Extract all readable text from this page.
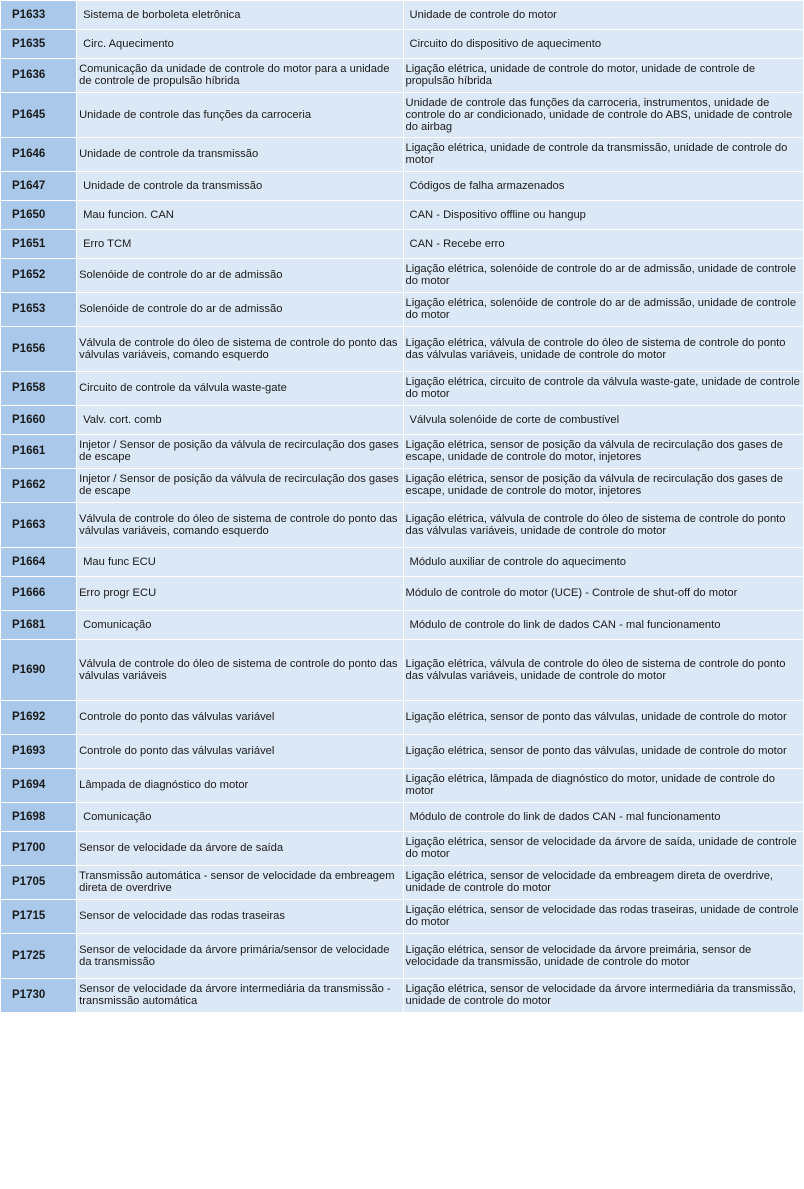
P1633	Sistema de borboleta eletrônica	Unidade de controle do motor
P1635	Circ. Aquecimento	Circuito do dispositivo de aquecimento
P1636	Comunicação da unidade de controle do motor para a unidade de controle de propulsão híbrida	Ligação elétrica, unidade de controle do motor, unidade de controle de propulsão híbrida
P1645	Unidade de controle das funções da carroceria	Unidade de controle das funções da carroceria, instrumentos, unidade de controle do ar condicionado, unidade de controle do ABS, unidade de controle do airbag
P1646	Unidade de controle da transmissão	Ligação elétrica, unidade de controle da transmissão, unidade de controle do motor
P1647	Unidade de controle da transmissão	Códigos de falha armazenados
P1650	Mau funcion. CAN	CAN - Dispositivo offline ou hangup
P1651	Erro TCM	CAN - Recebe erro
P1652	Solenóide de controle do ar de admissão	Ligação elétrica, solenóide de controle do ar de admissão, unidade de controle do motor
P1653	Solenóide de controle do ar de admissão	Ligação elétrica, solenóide de controle do ar de admissão, unidade de controle do motor
P1656	Válvula de controle do óleo de sistema de controle do ponto das válvulas variáveis, comando esquerdo	Ligação elétrica, válvula de controle do óleo de sistema de controle do ponto das válvulas variáveis, unidade de controle do motor
P1658	Circuito de controle da válvula waste-gate	Ligação elétrica, circuito de controle da válvula waste-gate, unidade de controle do motor
P1660	Valv. cort. comb	Válvula solenóide de corte de combustível
P1661	Injetor / Sensor de posição da válvula de recirculação dos gases de escape	Ligação elétrica, sensor de posição da válvula de recirculação dos gases de escape, unidade de controle do motor, injetores
P1662	Injetor / Sensor de posição da válvula de recirculação dos gases de escape	Ligação elétrica, sensor de posição da válvula de recirculação dos gases de escape, unidade de controle do motor, injetores
P1663	Válvula de controle do óleo de sistema de controle do ponto das válvulas variáveis, comando esquerdo	Ligação elétrica, válvula de controle do óleo de sistema de controle do ponto das válvulas variáveis, unidade de controle do motor
P1664	Mau func ECU	Módulo auxiliar de controle do aquecimento
P1666	Erro progr ECU	Módulo de controle do motor (UCE) - Controle de shut-off do motor
P1681	Comunicação	Módulo de controle do link de dados CAN - mal funcionamento
P1690	Válvula de controle do óleo de sistema de controle do ponto das válvulas variáveis	Ligação elétrica, válvula de controle do óleo de sistema de controle do ponto das válvulas variáveis, unidade de controle do motor
P1692	Controle do ponto das válvulas variável	Ligação elétrica, sensor de ponto das válvulas, unidade de controle do motor
P1693	Controle do ponto das válvulas variável	Ligação elétrica, sensor de ponto das válvulas, unidade de controle do motor
P1694	Lâmpada de diagnóstico do motor	Ligação elétrica, lâmpada de diagnóstico do motor, unidade de controle do motor
P1698	Comunicação	Módulo de controle do link de dados CAN - mal funcionamento
P1700	Sensor de velocidade da árvore de saída	Ligação elétrica, sensor de velocidade da árvore de saída, unidade de controle do motor
P1705	Transmissão automática - sensor de velocidade da embreagem direta de overdrive	Ligação elétrica, sensor de velocidade da embreagem direta de overdrive, unidade de controle do motor
P1715	Sensor de velocidade das rodas traseiras	Ligação elétrica, sensor de velocidade das rodas traseiras, unidade de controle do motor
P1725	Sensor de velocidade da árvore primária/sensor de velocidade da transmissão	Ligação elétrica, sensor de velocidade da árvore preimária, sensor de velocidade da transmissão, unidade de controle do motor
P1730	Sensor de velocidade da árvore intermediária da transmissão - transmissão automática	Ligação elétrica, sensor de velocidade da árvore intermediária da transmissão, unidade de controle do motor
